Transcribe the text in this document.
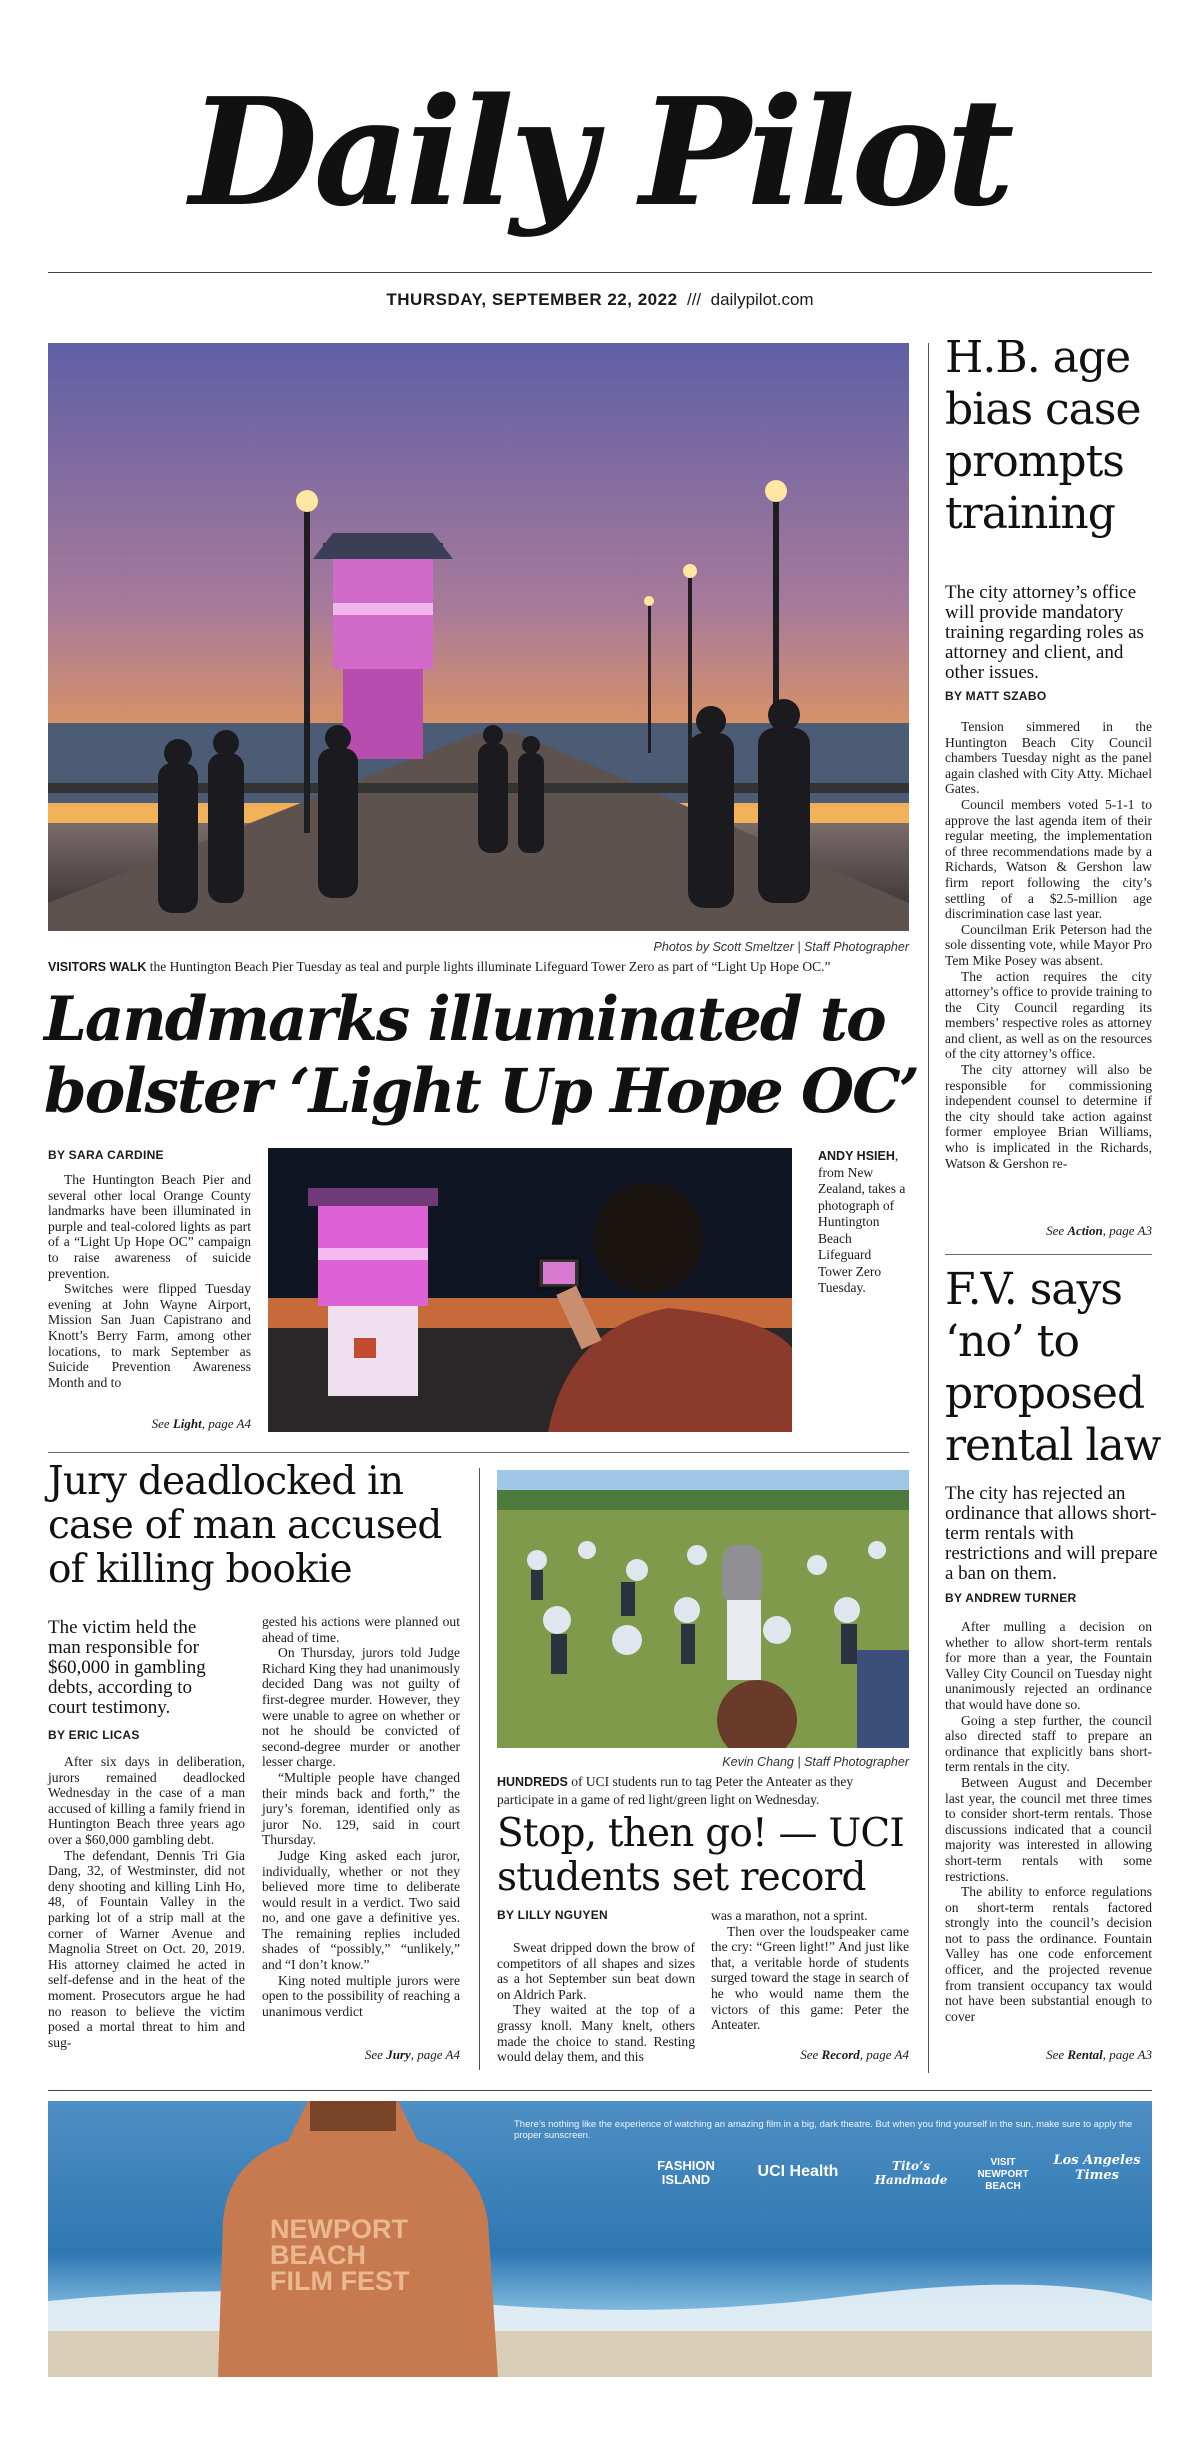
Daily Pilot
THURSDAY, SEPTEMBER 22, 2022 /// dailypilot.com
Photos by Scott Smeltzer | Staff Photographer
VISITORS WALK the Huntington Beach Pier Tuesday as teal and purple lights illuminate Lifeguard Tower Zero as part of “Light Up Hope OC.”
Landmarks illuminated to
bolster ‘Light Up Hope OC’
BY SARA CARDINE

The Huntington Beach Pier and several other local Orange County landmarks have been illuminated in purple and teal-colored lights as part of a “Light Up Hope OC” campaign to raise awareness of suicide prevention.

Switches were flipped Tuesday evening at John Wayne Airport, Mission San Juan Capistrano and Knott’s Berry Farm, among other locations, to mark September as Suicide Prevention Awareness Month and to

See Light, page A4
ANDY HSIEH, from New Zealand, takes a photograph of Huntington Beach Lifeguard Tower Zero Tuesday.
H.B. age bias case prompts training
The city attorney’s office will provide mandatory training regarding roles as attorney and client, and other issues.
BY MATT SZABO

Tension simmered in the Huntington Beach City Council chambers Tuesday night as the panel again clashed with City Atty. Michael Gates.

Council members voted 5-1-1 to approve the last agenda item of their regular meeting, the implementation of three recommendations made by a Richards, Watson & Gershon law firm report following the city’s settling of a $2.5-million age discrimination case last year.

Councilman Erik Peterson had the sole dissenting vote, while Mayor Pro Tem Mike Posey was absent.

The action requires the city attorney’s office to provide training to the City Council regarding its members’ respective roles as attorney and client, as well as on the resources of the city attorney’s office.

The city attorney will also be responsible for commissioning independent counsel to determine if the city should take action against former employee Brian Williams, who is implicated in the Richards, Watson & Gershon re-

See Action, page A3
F.V. says ‘no’ to proposed rental law
The city has rejected an ordinance that allows short-term rentals with restrictions and will prepare a ban on them.
BY ANDREW TURNER

After mulling a decision on whether to allow short-term rentals for more than a year, the Fountain Valley City Council on Tuesday night unanimously rejected an ordinance that would have done so.

Going a step further, the council also directed staff to prepare an ordinance that explicitly bans short-term rentals in the city.

Between August and December last year, the council met three times to consider short-term rentals. Those discussions indicated that a council majority was interested in allowing short-term rentals with some restrictions.

The ability to enforce regulations on short-term rentals factored strongly into the council’s decision not to pass the ordinance. Fountain Valley has one code enforcement officer, and the projected revenue from transient occupancy tax would not have been substantial enough to cover

See Rental, page A3
Jury deadlocked in case of man accused of killing bookie
The victim held the man responsible for $60,000 in gambling debts, according to court testimony.
BY ERIC LICAS

After six days in deliberation, jurors remained deadlocked Wednesday in the case of a man accused of killing a family friend in Huntington Beach three years ago over a $60,000 gambling debt.

The defendant, Dennis Tri Gia Dang, 32, of Westminster, did not deny shooting and killing Linh Ho, 48, of Fountain Valley in the parking lot of a strip mall at the corner of Warner Avenue and Magnolia Street on Oct. 20, 2019. His attorney claimed he acted in self-defense and in the heat of the moment. Prosecutors argue he had no reason to believe the victim posed a mortal threat to him and sug-

gested his actions were planned out ahead of time.

On Thursday, jurors told Judge Richard King they had unanimously decided Dang was not guilty of first-degree murder. However, they were unable to agree on whether or not he should be convicted of second-degree murder or another lesser charge.

“Multiple people have changed their minds back and forth,” the jury’s foreman, identified only as juror No. 129, said in court Thursday.

Judge King asked each juror, individually, whether or not they believed more time to deliberate would result in a verdict. Two said no, and one gave a definitive yes. The remaining replies included shades of “possibly,” “unlikely,” and “I don’t know.”

King noted multiple jurors were open to the possibility of reaching a unanimous verdict

See Jury, page A4
Kevin Chang | Staff Photographer
HUNDREDS of UCI students run to tag Peter the Anteater as they participate in a game of red light/green light on Wednesday.
Stop, then go! — UCI students set record
BY LILLY NGUYEN

Sweat dripped down the brow of competitors of all shapes and sizes as a hot September sun beat down on Aldrich Park.

They waited at the top of a grassy knoll. Many knelt, others made the choice to stand. Resting would delay them, and this

was a marathon, not a sprint.

Then over the loudspeaker came the cry: “Green light!” And just like that, a veritable horde of students surged toward the stage in search of he who would name them the victors of this game: Peter the Anteater.

See Record, page A4
There’s nothing like the experience of watching an amazing film in a big, dark theatre. But when you find yourself in the sun, make sure to apply the proper sunscreen.
NEWPORT
BEACH
FILM FEST
FASHION ISLAND	UCI Health	Tito’s Handmade
VISIT NEWPORT BEACH
Los Angeles Times
